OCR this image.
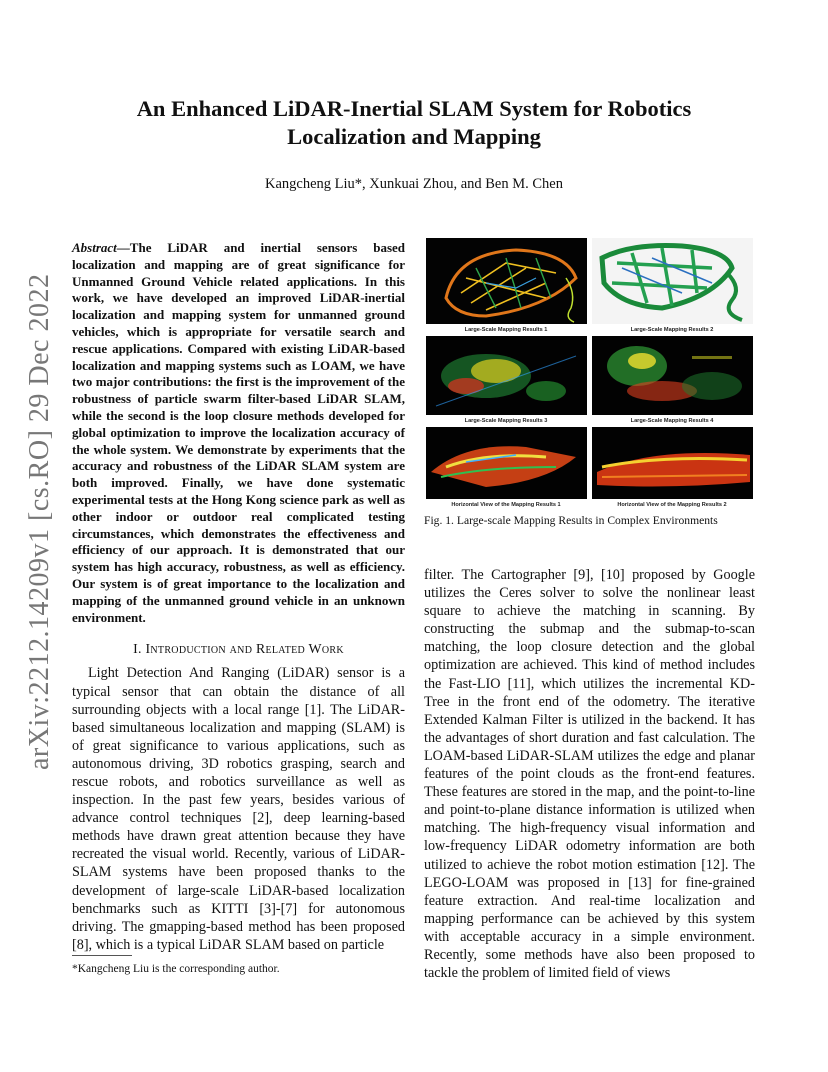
arXiv:2212.14209v1 [cs.RO] 29 Dec 2022
An Enhanced LiDAR-Inertial SLAM System for Robotics Localization and Mapping
Kangcheng Liu*, Xunkuai Zhou, and Ben M. Chen

Abstract—The LiDAR and inertial sensors based localization and mapping are of great significance for Unmanned Ground Vehicle related applications. In this work, we have developed an improved LiDAR-inertial localization and mapping system for unmanned ground vehicles, which is appropriate for versatile search and rescue applications. Compared with existing LiDAR-based localization and mapping systems such as LOAM, we have two major contributions: the first is the improvement of the robustness of particle swarm filter-based LiDAR SLAM, while the second is the loop closure methods developed for global optimization to improve the localization accuracy of the whole system. We demonstrate by experiments that the accuracy and robustness of the LiDAR SLAM system are both improved. Finally, we have done systematic experimental tests at the Hong Kong science park as well as other indoor or outdoor real complicated testing circumstances, which demonstrates the effectiveness and efficiency of our approach. It is demonstrated that our system has high accuracy, robustness, as well as efficiency. Our system is of great importance to the localization and mapping of the unmanned ground vehicle in an unknown environment.

I. Introduction and Related Work

Light Detection And Ranging (LiDAR) sensor is a typical sensor that can obtain the distance of all surrounding objects with a local range [1]. The LiDAR-based simultaneous localization and mapping (SLAM) is of great significance to various applications, such as autonomous driving, 3D robotics grasping, search and rescue robots, and robotics surveillance as well as inspection. In the past few years, besides various of advance control techniques [2], deep learning-based methods have drawn great attention because they have recreated the visual world. Recently, various of LiDAR-SLAM systems have been proposed thanks to the development of large-scale LiDAR-based localization benchmarks such as KITTI [3]-[7] for autonomous driving. The gmapping-based method has been proposed [8], which is a typical LiDAR SLAM based on particle

*Kangcheng Liu is the corresponding author.
Large-Scale Mapping Results 1	Large-Scale Mapping Results 2
Large-Scale Mapping Results 3	Large-Scale Mapping Results 4
Horizontal View of the Mapping Results 1	Horizontal View of the Mapping Results 2
Fig. 1. Large-scale Mapping Results in Complex Environments

filter. The Cartographer [9], [10] proposed by Google utilizes the Ceres solver to solve the nonlinear least square to achieve the matching in scanning. By constructing the submap and the submap-to-scan matching, the loop closure detection and the global optimization are achieved. This kind of method includes the Fast-LIO [11], which utilizes the incremental KD-Tree in the front end of the odometry. The iterative Extended Kalman Filter is utilized in the backend. It has the advantages of short duration and fast calculation. The LOAM-based LiDAR-SLAM utilizes the edge and planar features of the point clouds as the front-end features. These features are stored in the map, and the point-to-line and point-to-plane distance information is utilized when matching. The high-frequency visual information and low-frequency LiDAR odometry information are both utilized to achieve the robot motion estimation [12]. The LEGO-LOAM was proposed in [13] for fine-grained feature extraction. And real-time localization and mapping performance can be achieved by this system with acceptable accuracy in a simple environment. Recently, some methods have also been proposed to tackle the problem of limited field of views
